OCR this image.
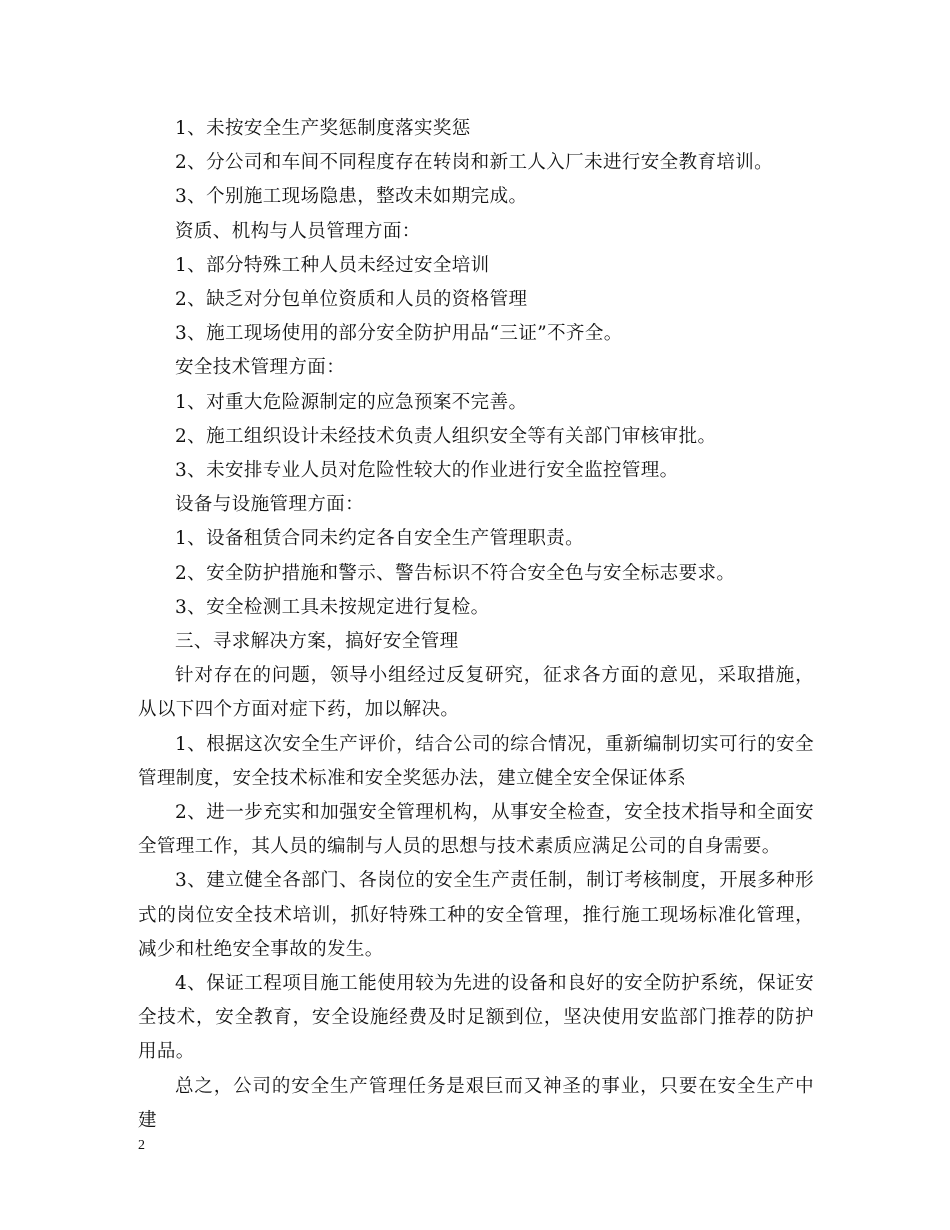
1、未按安全生产奖惩制度落实奖惩

2、分公司和车间不同程度存在转岗和新工人入厂未进行安全教育培训。

3、个别施工现场隐患，整改未如期完成。

资质、机构与人员管理方面：

1、部分特殊工种人员未经过安全培训

2、缺乏对分包单位资质和人员的资格管理

3、施工现场使用的部分安全防护用品“三证”不齐全。

安全技术管理方面：

1、对重大危险源制定的应急预案不完善。

2、施工组织设计未经技术负责人组织安全等有关部门审核审批。

3、未安排专业人员对危险性较大的作业进行安全监控管理。

设备与设施管理方面：

1、设备租赁合同未约定各自安全生产管理职责。

2、安全防护措施和警示、警告标识不符合安全色与安全标志要求。

3、安全检测工具未按规定进行复检。

三、寻求解决方案，搞好安全管理

针对存在的问题，领导小组经过反复研究，征求各方面的意见，采取措施，从以下四个方面对症下药，加以解决。

1、根据这次安全生产评价，结合公司的综合情况，重新编制切实可行的安全管理制度，安全技术标准和安全奖惩办法，建立健全安全保证体系

2、进一步充实和加强安全管理机构，从事安全检查，安全技术指导和全面安全管理工作，其人员的编制与人员的思想与技术素质应满足公司的自身需要。

3、建立健全各部门、各岗位的安全生产责任制，制订考核制度，开展多种形式的岗位安全技术培训，抓好特殊工种的安全管理，推行施工现场标准化管理，减少和杜绝安全事故的发生。

4、保证工程项目施工能使用较为先进的设备和良好的安全防护系统，保证安全技术，安全教育，安全设施经费及时足额到位，坚决使用安监部门推荐的防护用品。

总之，公司的安全生产管理任务是艰巨而又神圣的事业，只要在安全生产中建

2
